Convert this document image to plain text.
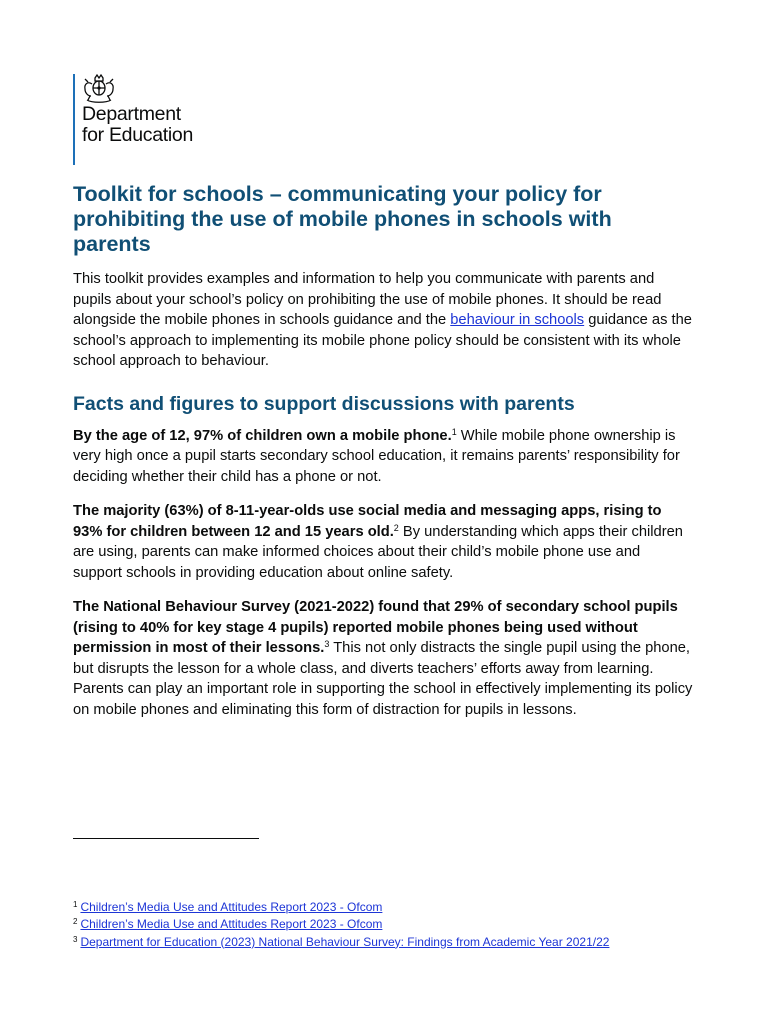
Department
for Education
Toolkit for schools – communicating your policy for prohibiting the use of mobile phones in schools with parents

This toolkit provides examples and information to help you communicate with parents and pupils about your school’s policy on prohibiting the use of mobile phones. It should be read alongside the mobile phones in schools guidance and the behaviour in schools guidance as the school’s approach to implementing its mobile phone policy should be consistent with its whole school approach to behaviour.

Facts and figures to support discussions with parents

By the age of 12, 97% of children own a mobile phone.$^1$ While mobile phone ownership is very high once a pupil starts secondary school education, it remains parents’ responsibility for deciding whether their child has a phone or not.

The majority (63%) of 8-11-year-olds use social media and messaging apps, rising to 93% for children between 12 and 15 years old.$^2$ By understanding which apps their children are using, parents can make informed choices about their child’s mobile phone use and support schools in providing education about online safety.

The National Behaviour Survey (2021-2022) found that 29% of secondary school pupils (rising to 40% for key stage 4 pupils) reported mobile phones being used without permission in most of their lessons.$^3$ This not only distracts the single pupil using the phone, but disrupts the lesson for a whole class, and diverts teachers’ efforts away from learning. Parents can play an important role in supporting the school in effectively implementing its policy on mobile phones and eliminating this form of distraction for pupils in lessons.

$^1$ Children’s Media Use and Attitudes Report 2023 - Ofcom
$^2$ Children’s Media Use and Attitudes Report 2023 - Ofcom
$^3$ Department for Education (2023) National Behaviour Survey: Findings from Academic Year 2021/22
